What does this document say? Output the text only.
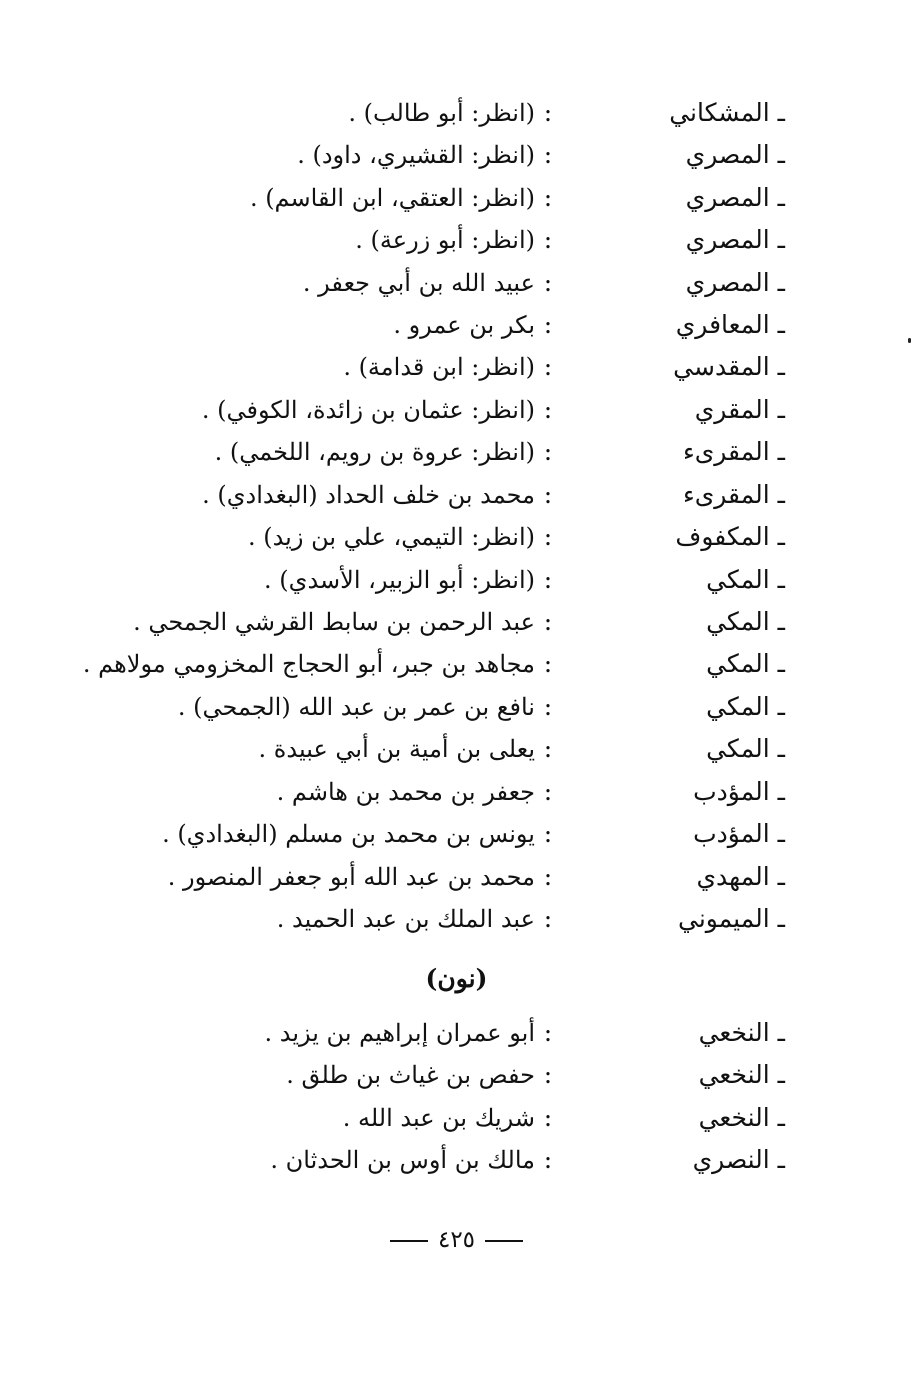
ـ المشكاني
:
(انظر: أبو طالب) .
ـ المصري
:
(انظر: القشيري، داود) .
ـ المصري
:
(انظر: العتقي، ابن القاسم) .
ـ المصري
:
(انظر: أبو زرعة) .
ـ المصري
:
عبيد الله بن أبي جعفر .
ـ المعافري
:
بكر بن عمرو .
ـ المقدسي
:
(انظر: ابن قدامة) .
ـ المقري
:
(انظر: عثمان بن زائدة، الكوفي) .
ـ المقرىء
:
(انظر: عروة بن رويم، اللخمي) .
ـ المقرىء
:
محمد بن خلف الحداد (البغدادي) .
ـ المكفوف
:
(انظر: التيمي، علي بن زيد) .
ـ المكي
:
(انظر: أبو الزبير، الأسدي) .
ـ المكي
:
عبد الرحمن بن سابط القرشي الجمحي .
ـ المكي
:
مجاهد بن جبر، أبو الحجاج المخزومي مولاهم .
ـ المكي
:
نافع بن عمر بن عبد الله (الجمحي) .
ـ المكي
:
يعلى بن أمية بن أبي عبيدة .
ـ المؤدب
:
جعفر بن محمد بن هاشم .
ـ المؤدب
:
يونس بن محمد بن مسلم (البغدادي) .
ـ المهدي
:
محمد بن عبد الله أبو جعفر المنصور .
ـ الميموني
:
عبد الملك بن عبد الحميد .
(نون)
ـ النخعي
:
أبو عمران إبراهيم بن يزيد .
ـ النخعي
:
حفص بن غياث بن طلق .
ـ النخعي
:
شريك بن عبد الله .
ـ النصري
:
مالك بن أوس بن الحدثان .
٤٢٥
